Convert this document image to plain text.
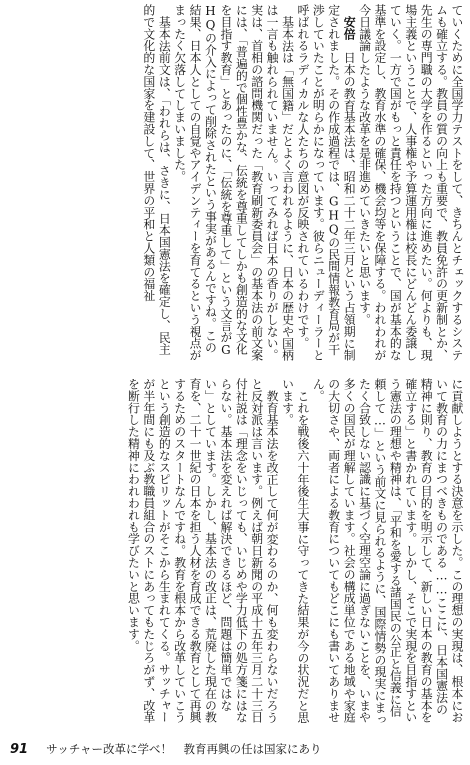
ていくために全国学力テストをして、きちんとチェックするシステムも確立する。教員の質の向上も重要で、教員免許の更新制とか、先生の専門職の大学を作るといった方向に進めたい。何よりも、現場主義ということで、人事権や予算運用権は校長にどんどん委譲していく。一方で国がもっと責任を持つということで、国が基本的な基準を設定し、教育水準の確保、機会均等を保障する。われわれが今日議論したような改革を是非進めていきたいと思います。

安倍　日本の教育基本法は、昭和二十二年三月という占領期に制定されました。その作成過程では、GHQの民間情報教育局が干渉していたことが明らかになっています。彼らニューディーラーと呼ばれるラディカルな人たちの意図が反映されているわけです。

基本法は「無国籍」だとよく言われるように、日本の歴史や国柄は一言も触れられていません。いってみれば日本の香りがしない。実は、首相の諮問機関だった「教育刷新委員会」の基本法の前文案には、「普遍的で個性豊かな、伝統を尊重してしかも創造的な文化を目指す教育」とあったのに、「伝統を尊重して」という文言がGHQの介入によって削除されたという事実があるんですね。この結果、日本人としての自覚やアイデンティーを育てるという視点がまったく欠落してしまいました。

基本法前文は、「われらは、さきに、日本国憲法を確定し、民主的で文化的な国家を建設して、世界の平和と人類の福祉

に貢献しようとする決意を示した。この理想の実現は、根本において教育の力にまつべきものである……ここに、日本国憲法の精神に則り、教育の目的を明示して、新しい日本の教育の基本を確立する」と書かれています。しかし、そこで実現を目指すという憲法の理想や精神は、「平和を愛する諸国民の公正と信義に信頼して…」という前文に見られるように、国際情勢の現実にまったく合致しない認識に基づく空理空論に過ぎないことを、いまや多くの国民が理解しています。社会の構成単位である地域や家庭の大切さや、両者による教育についてもどこにも書いてありません。

これを戦後六十年後生大事に守ってきた結果が今の状況だと思います。

教育基本法を改正して何が変わるのか、何も変わらないだろうと反対派は言います。例えば朝日新聞の平成十五年三月二十三日付社説は「理念をいじっても、いじめや学力低下の処方箋にはならない。基本法を変えれば解決できるほど、問題は簡単ではない」としています。しかし、基本法の改正は、荒廃した現在の教育を、二十一世紀の日本を担う人材を育成できる教育として再興するためのスタートなんですね。教育を根本から改革していこうという創造的なスピリットがそこから生まれてくる。サッチャーが半年間にも及ぶ教職員組合のストにあってもたじろがず、改革を断行した精神にわれわれも学びたいと思います。

91 サッチャー改革に学べ！　教育再興の任は国家にあり
